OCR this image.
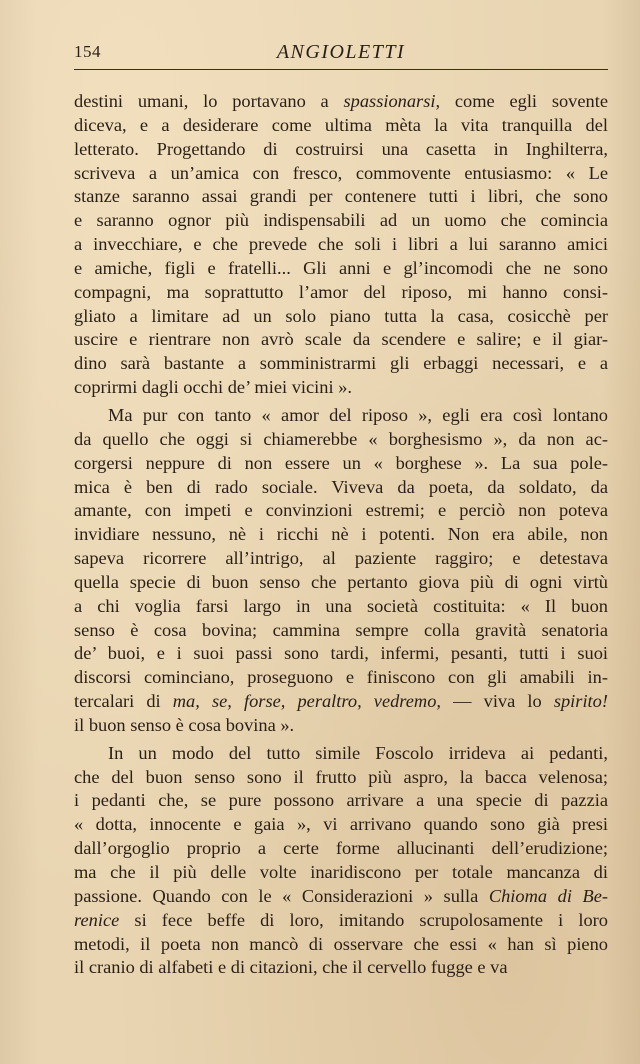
154	ANGIOLETTI
destini umani, lo portavano a spassionarsi, come egli sovente
diceva, e a desiderare come ultima mèta la vita tranquilla del
letterato. Progettando di costruirsi una casetta in Inghilterra,
scriveva a un’amica con fresco, commovente entusiasmo: « Le
stanze saranno assai grandi per contenere tutti i libri, che sono
e saranno ognor più indispensabili ad un uomo che comincia
a invecchiare, e che prevede che soli i libri a lui saranno amici
e amiche, figli e fratelli... Gli anni e gl’incomodi che ne sono
compagni, ma soprattutto l’amor del riposo, mi hanno consi-
gliato a limitare ad un solo piano tutta la casa, cosicchè per
uscire e rientrare non avrò scale da scendere e salire; e il giar-
dino sarà bastante a somministrarmi gli erbaggi necessari, e a
coprirmi dagli occhi de’ miei vicini ».
Ma pur con tanto « amor del riposo », egli era così lontano
da quello che oggi si chiamerebbe « borghesismo », da non ac-
corgersi neppure di non essere un « borghese ». La sua pole-
mica è ben di rado sociale. Viveva da poeta, da soldato, da
amante, con impeti e convinzioni estremi; e perciò non poteva
invidiare nessuno, nè i ricchi nè i potenti. Non era abile, non
sapeva ricorrere all’intrigo, al paziente raggiro; e detestava
quella specie di buon senso che pertanto giova più di ogni virtù
a chi voglia farsi largo in una società costituita: « Il buon
senso è cosa bovina; cammina sempre colla gravità senatoria
de’ buoi, e i suoi passi sono tardi, infermi, pesanti, tutti i suoi
discorsi cominciano, proseguono e finiscono con gli amabili in-
tercalari di ma, se, forse, peraltro, vedremo, — viva lo spirito!
il buon senso è cosa bovina ».
In un modo del tutto simile Foscolo irrideva ai pedanti,
che del buon senso sono il frutto più aspro, la bacca velenosa;
i pedanti che, se pure possono arrivare a una specie di pazzia
« dotta, innocente e gaia », vi arrivano quando sono già presi
dall’orgoglio proprio a certe forme allucinanti dell’erudizione;
ma che il più delle volte inaridiscono per totale mancanza di
passione. Quando con le « Considerazioni » sulla Chioma di Be-
renice si fece beffe di loro, imitando scrupolosamente i loro
metodi, il poeta non mancò di osservare che essi « han sì pieno
il cranio di alfabeti e di citazioni, che il cervello fugge e va
